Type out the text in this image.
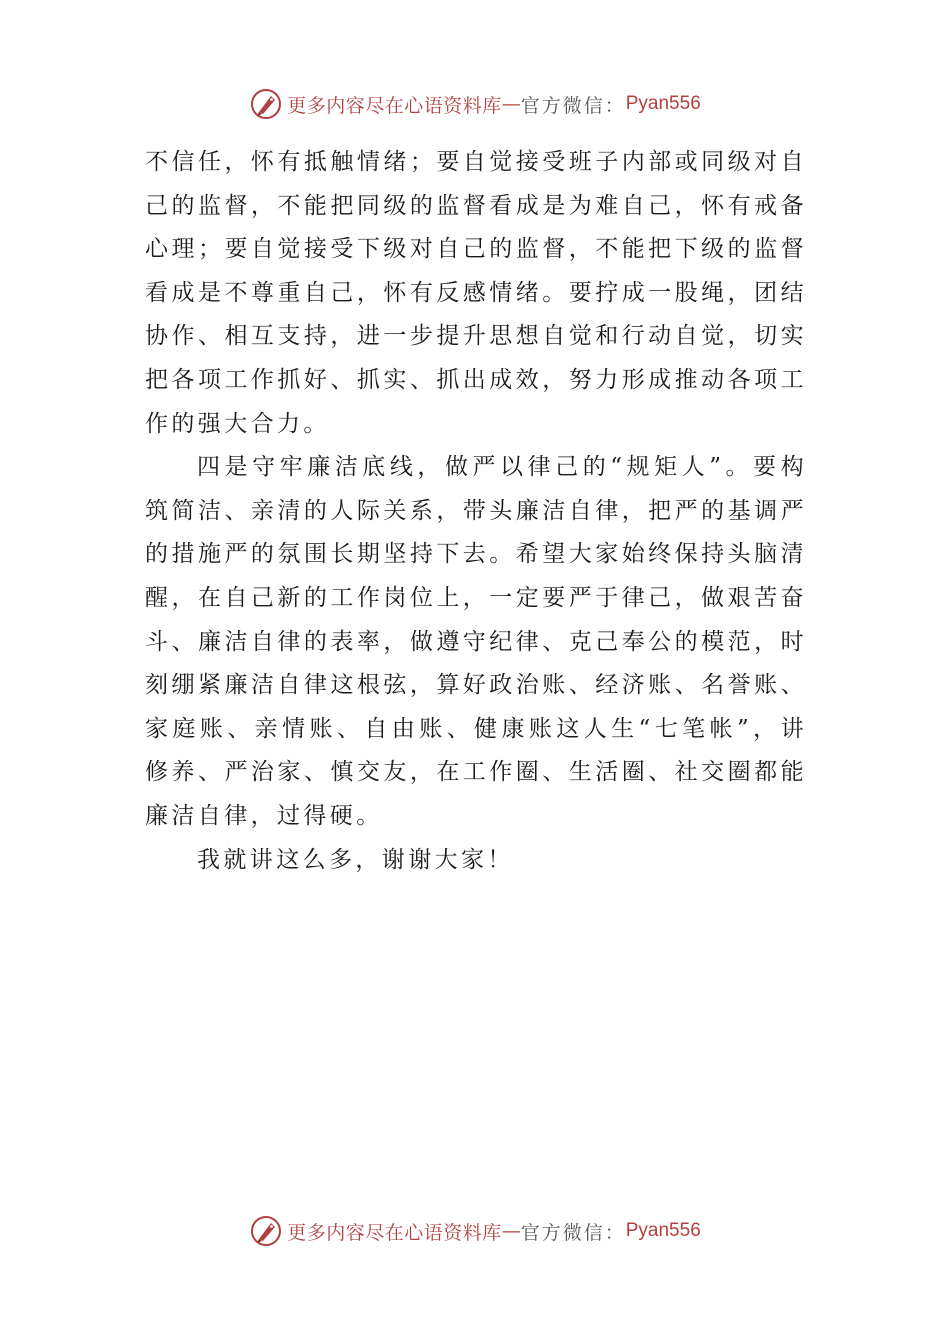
更多内容尽在心语资料库 — 官方微信： Pyan556

不信任，怀有抵触情绪；要自觉接受班子内部或同级对自己的监督，不能把同级的监督看成是为难自己，怀有戒备心理；要自觉接受下级对自己的监督，不能把下级的监督看成是不尊重自己，怀有反感情绪。要拧成一股绳，团结协作、相互支持，进一步提升思想自觉和行动自觉，切实把各项工作抓好、抓实、抓出成效，努力形成推动各项工作的强大合力。

四是守牢廉洁底线，做严以律己的“规矩人”。要构筑简洁、亲清的人际关系，带头廉洁自律，把严的基调严的措施严的氛围长期坚持下去。希望大家始终保持头脑清醒，在自己新的工作岗位上，一定要严于律己，做艰苦奋斗、廉洁自律的表率，做遵守纪律、克己奉公的模范，时刻绷紧廉洁自律这根弦，算好政治账、经济账、名誉账、家庭账、亲情账、自由账、健康账这人生“七笔帐”，讲修养、严治家、慎交友，在工作圈、生活圈、社交圈都能廉洁自律，过得硬。

我就讲这么多，谢谢大家！

更多内容尽在心语资料库 — 官方微信： Pyan556
